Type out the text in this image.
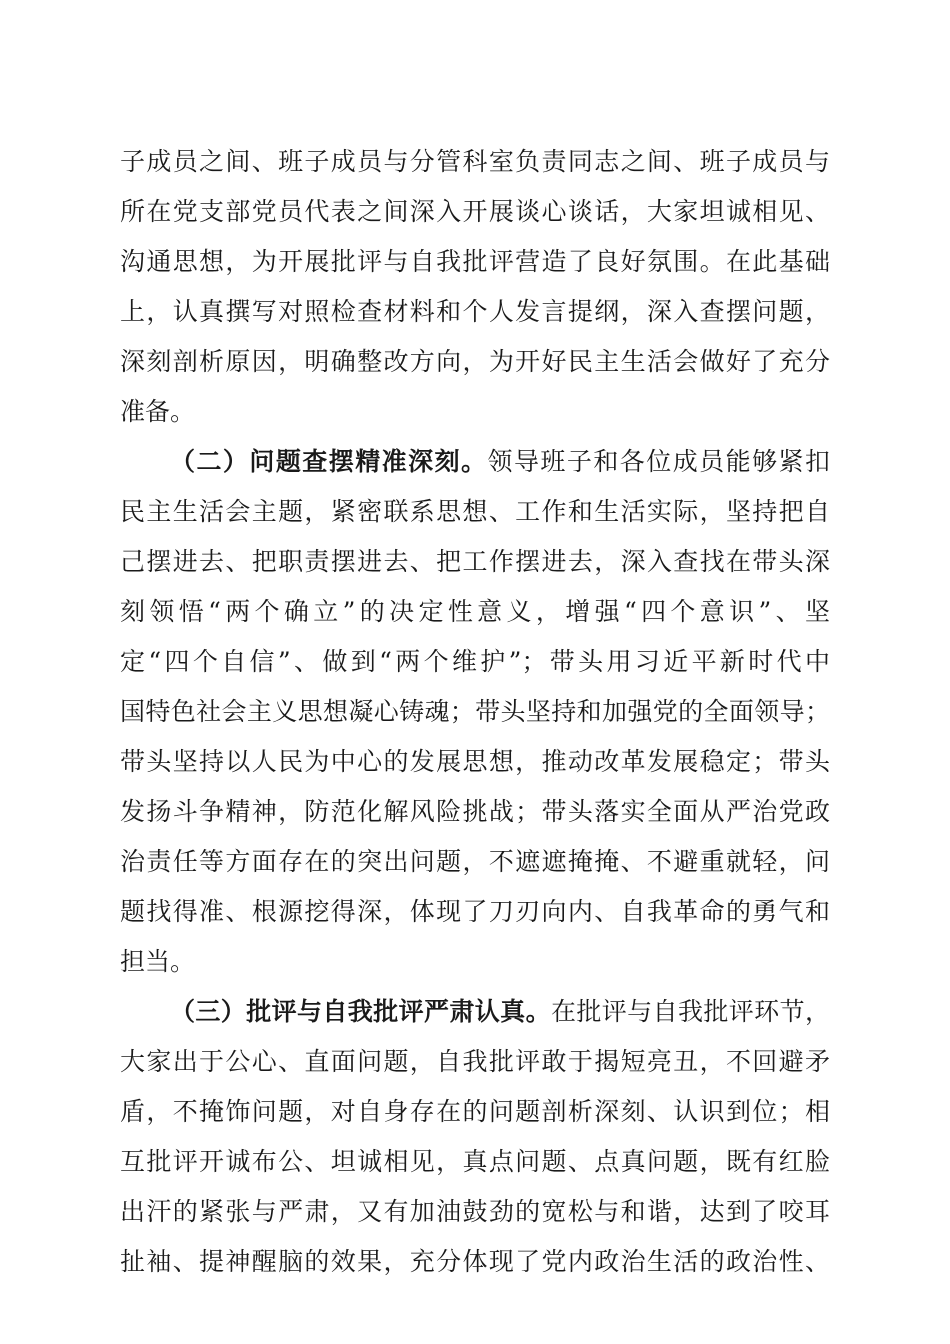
子成员之间、班子成员与分管科室负责同志之间、班子成员与
所在党支部党员代表之间深入开展谈心谈话，大家坦诚相见、
沟通思想，为开展批评与自我批评营造了良好氛围。在此基础
上，认真撰写对照检查材料和个人发言提纲，深入查摆问题，
深刻剖析原因，明确整改方向，为开好民主生活会做好了充分
准备。
（二）问题查摆精准深刻。领导班子和各位成员能够紧扣
民主生活会主题，紧密联系思想、工作和生活实际，坚持把自
己摆进去、把职责摆进去、把工作摆进去，深入查找在带头深
刻领悟“两个确立”的决定性意义，增强“四个意识”、坚
定“四个自信”、做到“两个维护”；带头用习近平新时代中
国特色社会主义思想凝心铸魂；带头坚持和加强党的全面领导；
带头坚持以人民为中心的发展思想，推动改革发展稳定；带头
发扬斗争精神，防范化解风险挑战；带头落实全面从严治党政
治责任等方面存在的突出问题，不遮遮掩掩、不避重就轻，问
题找得准、根源挖得深，体现了刀刃向内、自我革命的勇气和
担当。
（三）批评与自我批评严肃认真。在批评与自我批评环节，
大家出于公心、直面问题，自我批评敢于揭短亮丑，不回避矛
盾，不掩饰问题，对自身存在的问题剖析深刻、认识到位；相
互批评开诚布公、坦诚相见，真点问题、点真问题，既有红脸
出汗的紧张与严肃，又有加油鼓劲的宽松与和谐，达到了咬耳
扯袖、提神醒脑的效果，充分体现了党内政治生活的政治性、
